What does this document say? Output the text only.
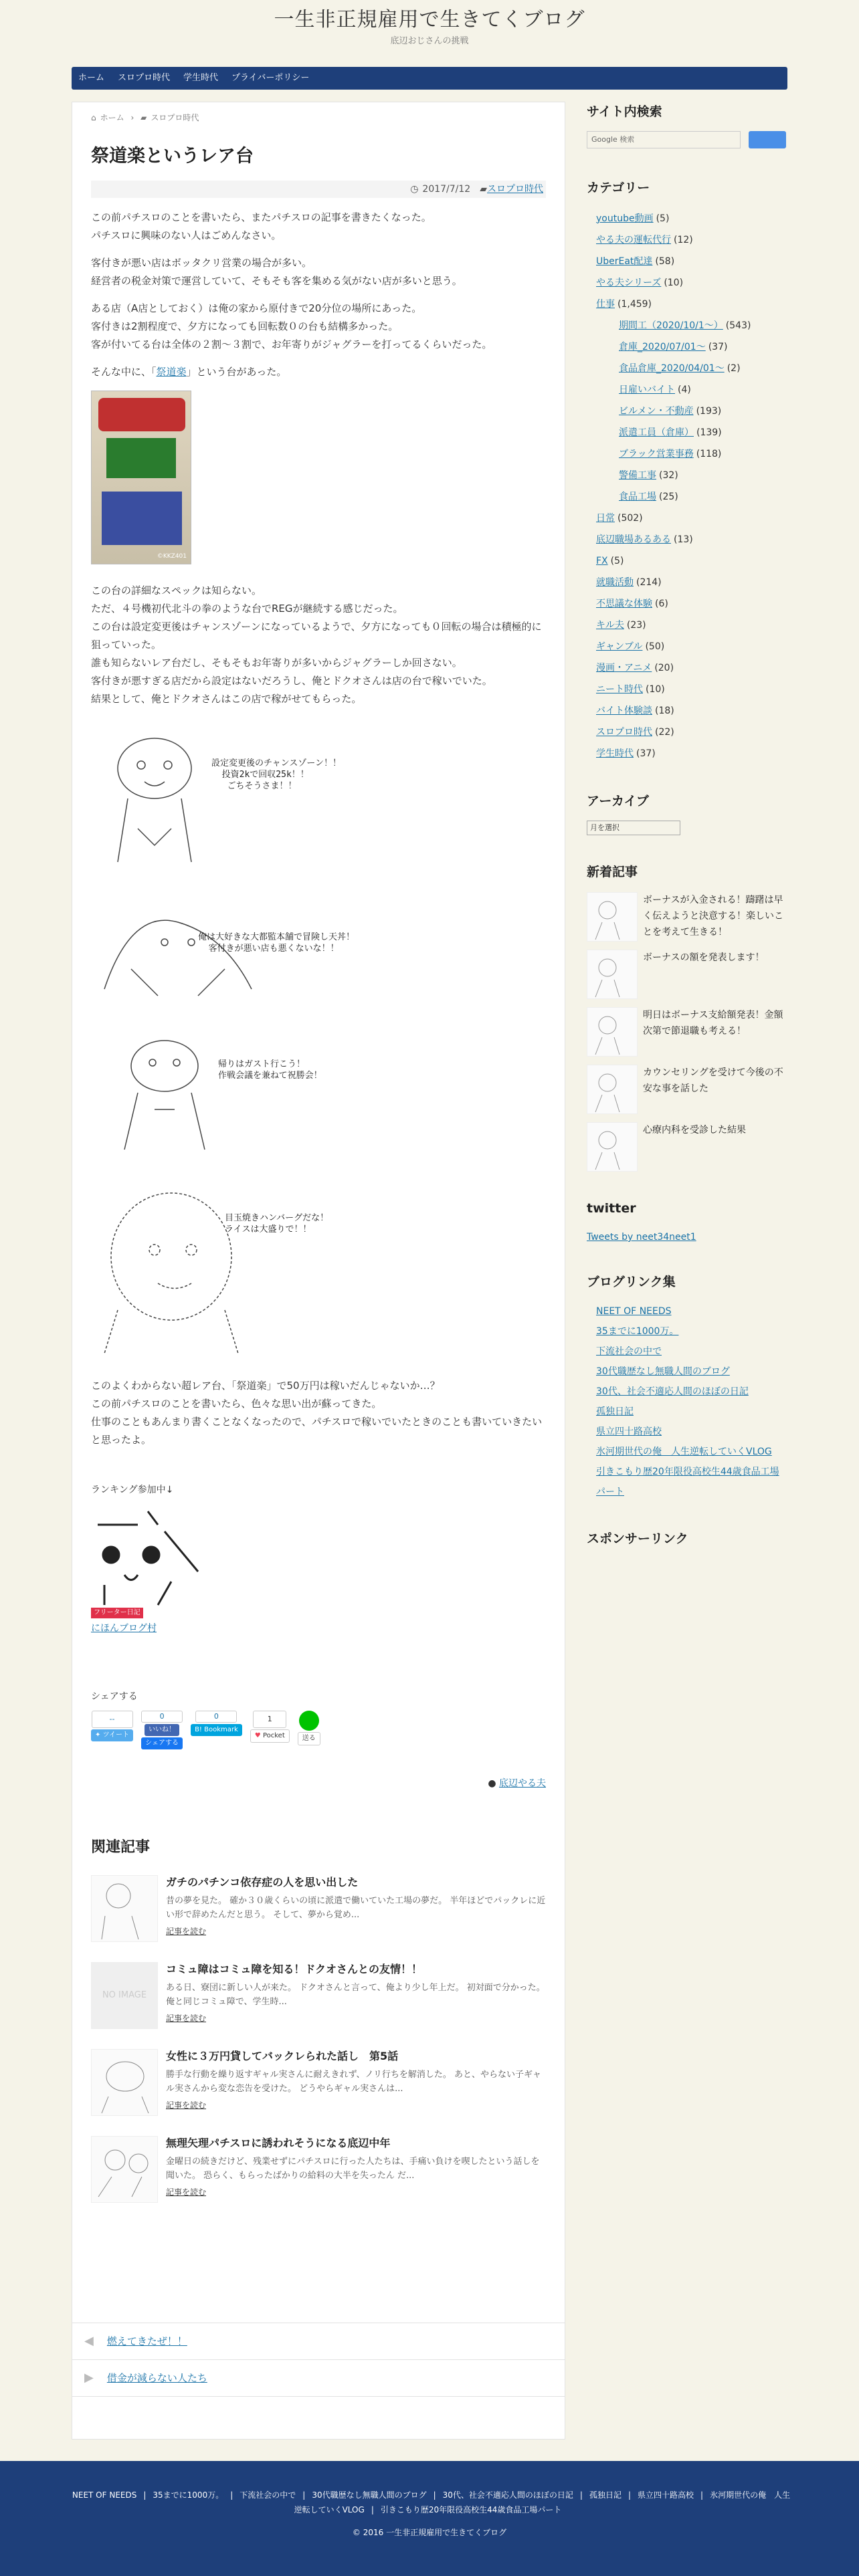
一生非正規雇用で生きてくブログ
底辺おじさんの挑戦
ホーム スロプロ時代 学生時代 プライバーポリシー
⌂ ホーム › ▰ スロプロ時代
祭道楽というレア台
◷ 2017/7/12 ▰ スロプロ時代

この前パチスロのことを書いたら、またパチスロの記事を書きたくなった。
パチスロに興味のない人はごめんなさい。

客付きが悪い店はボッタクリ営業の場合が多い。
経営者の税金対策で運営していて、そもそも客を集める気がない店が多いと思う。

ある店（A店としておく）は俺の家から原付きで20分位の場所にあった。
客付きは2割程度で、夕方になっても回転数０の台も結構多かった。
客が付いてる台は全体の２割〜３割で、お年寄りがジャグラーを打ってるくらいだった。

そんな中に、「祭道楽」という台があった。

©KKZ401

この台の詳細なスペックは知らない。
ただ、４号機初代北斗の拳のような台でREGが継続する感じだった。
この台は設定変更後はチャンスゾーンになっているようで、夕方になっても０回転の場合は積極的に狙っていった。
誰も知らないレア台だし、そもそもお年寄りが多いからジャグラーしか回さない。
客付きが悪すぎる店だから設定はないだろうし、俺とドクオさんは店の台で稼いでいた。
結果として、俺とドクオさんはこの店で稼がせてもらった。

設定変更後のチャンスゾーン！！
投資2kで回収25k！！
ごちそうさま！！

俺は大好きな大都監本舗で冒険し天丼！
客付きが悪い店も悪くないな！！

帰りはガスト行こう！
作戦会議を兼ねて祝勝会！

目玉焼きハンバーグだな！
ライスは大盛りで！！

このよくわからない超レア台、「祭道楽」で50万円は稼いだんじゃないか…？
この前パチスロのことを書いたら、色々な思い出が蘇ってきた。
仕事のこともあんまり書くことなくなったので、パチスロで稼いでいたときのことも書いていきたいと思ったよ。

ランキング参加中↓
フリーター日記
にほんブログ村
シェアする
--
✦ ツイート
0
いいね！
シェアする
0
B! Bookmark
1
♥ Pocket	送る
● 底辺やる夫
関連記事
ガチのパチンコ依存症の人を思い出した
昔の夢を見た。 確か３０歳くらいの頃に派遣で働いていた工場の夢だ。 半年ほどでパックレに近い形で辞めたんだと思う。 そして、夢から覚め...
記事を読む
NO IMAGE
コミュ障はコミュ障を知る！ドクオさんとの友情！！
ある日、寮団に新しい人が来た。 ドクオさんと言って、俺より少し年上だ。 初対面で分かった。 俺と同じコミュ障で、学生時...
記事を読む
女性に３万円貸してバックレられた話し　第5話
勝手な行動を繰り返すギャル実さんに耐えきれず、ノリ行ちを解消した。 あと、やらない子ギャル実さんから変な恋告を受けた。 どうやらギャル実さんは...
記事を読む
無理矢理パチスロに誘われそうになる底辺中年
金曜日の続きだけど、残業せずにパチスロに行った人たちは、手痛い負けを喫したという話しを聞いた。 恐らく、もらったばかりの給料の大半を失ったん だ...
記事を読む
◀ 燃えてきたぜ！！
▶ 借金が減らない人たち
サイト内検索
Google 検索
カテゴリー
youtube動画 (5)
やる夫の運転代行 (12)
UberEat配達 (58)
やる夫シリーズ (10)
仕事 (1,459)
期間工（2020/10/1〜） (543)
倉庫_2020/07/01〜 (37)
食品倉庫_2020/04/01〜 (2)
日雇いバイト (4)
ビルメン・不動産 (193)
派遣工員（倉庫） (139)
ブラック営業事務 (118)
警備工事 (32)
食品工場 (25)
日常 (502)
底辺職場あるある (13)
FX (5)
就職活動 (214)
不思議な体験 (6)
キル夫 (23)
ギャンブル (50)
漫画・アニメ (20)
ニート時代 (10)
バイト体験談 (18)
スロプロ時代 (22)
学生時代 (37)
アーカイブ
月を選択
新着記事
ボーナスが入金される！躊躇は早く伝えようと決意する！楽しいことを考えて生きる！
ボーナスの額を発表します！
明日はボーナス支給額発表！金額次第で節退職も考える！
カウンセリングを受けて今後の不安な事を話した
心療内科を受診した結果
twitter
Tweets by neet34neet1
ブログリンク集
NEET OF NEEDS
35までに1000万。
下流社会の中で
30代職歴なし無職人間のブログ
30代、社会不適応人間のほぼの日記
孤独日記
県立四十路高校
氷河期世代の俺　人生逆転していくVLOG
引きこもり歴20年限役高校生44歳食品工場パート
スポンサーリンク
NEET OF NEEDS | 35までに1000万。 | 下流社会の中で | 30代職歴なし無職人間のブログ | 30代、社会不適応人間のほぼの日記 | 孤独日記 | 県立四十路高校 | 氷河期世代の俺　人生逆転していくVLOG | 引きこもり歴20年限役高校生44歳食品工場パート
© 2016 一生非正規雇用で生きてくブログ
